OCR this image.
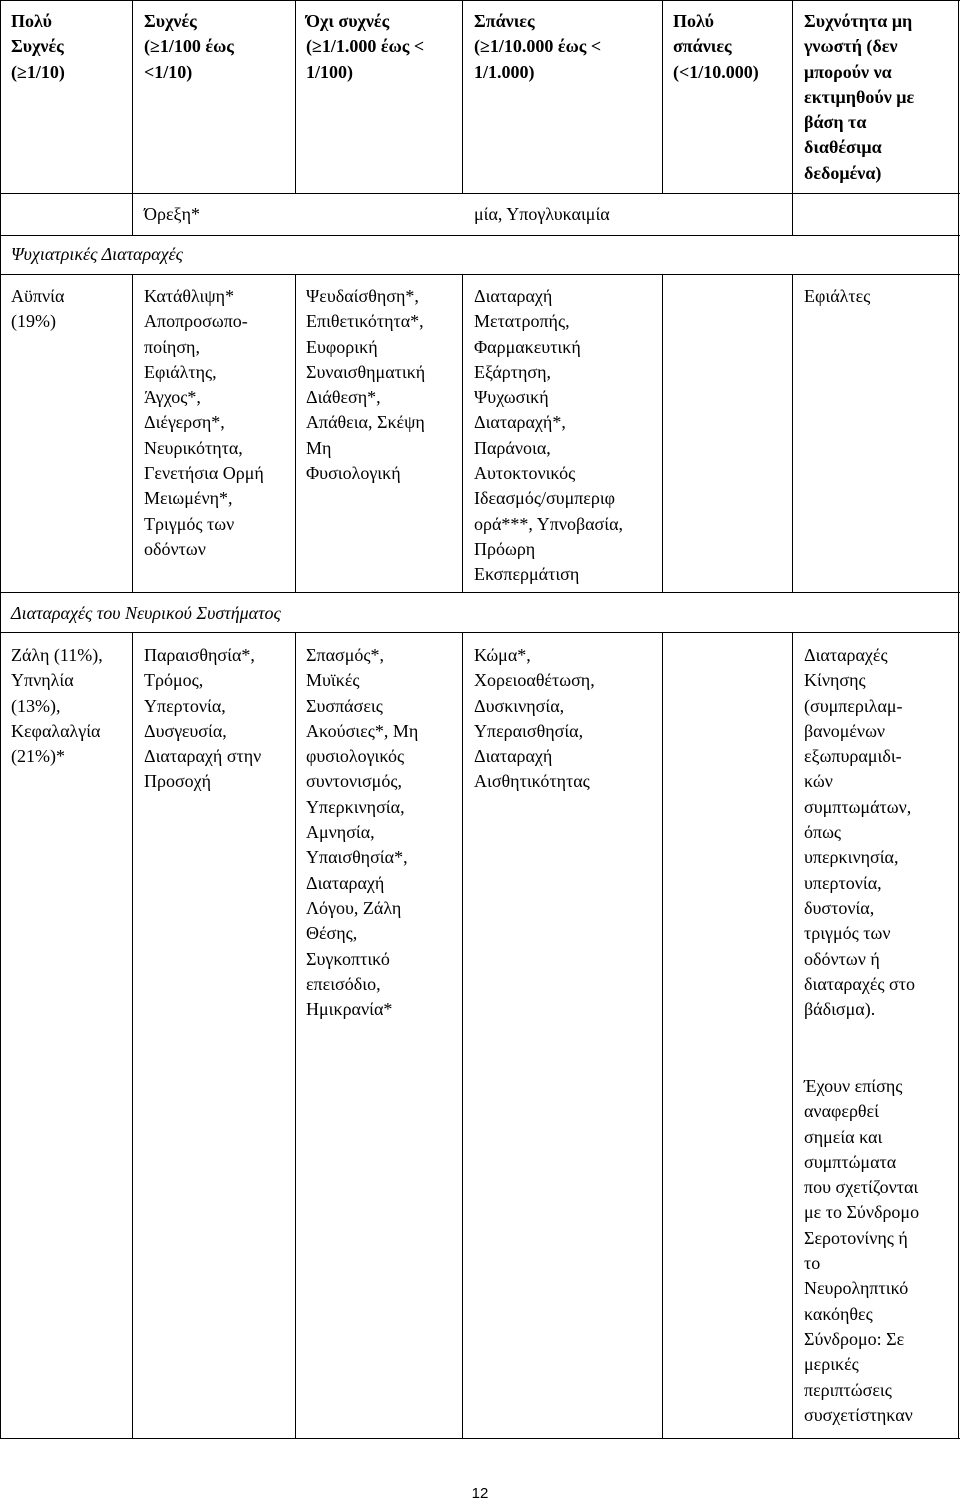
Πολύ
Συχνές
(≥1/10)
Συχνές
(≥1/100 έως
<1/10)
Όχι συχνές
(≥1/1.000 έως <
1/100)
Σπάνιες
(≥1/10.000 έως <
1/1.000)
Πολύ
σπάνιες
(<1/10.000)
Συχνότητα μη
γνωστή (δεν
μπορούν να
εκτιμηθούν με
βάση τα
διαθέσιμα
δεδομένα)
Όρεξη*	μία, Υπογλυκαιμία
Ψυχιατρικές Διαταραχές
Αϋπνία
(19%)
Κατάθλιψη*
Αποπροσωπο-
ποίηση,
Εφιάλτης,
Άγχος*,
Διέγερση*,
Νευρικότητα,
Γενετήσια Ορμή
Μειωμένη*,
Τριγμός των
οδόντων
Ψευδαίσθηση*,
Επιθετικότητα*,
Ευφορική
Συναισθηματική
Διάθεση*,
Απάθεια, Σκέψη
Μη
Φυσιολογική
Διαταραχή
Μετατροπής,
Φαρμακευτική
Εξάρτηση,
Ψυχωσική
Διαταραχή*,
Παράνοια,
Αυτοκτονικός
Ιδεασμός/συμπεριφ
ορά***, Υπνοβασία,
Πρόωρη
Εκσπερμάτιση
Εφιάλτες
Διαταραχές του Νευρικού Συστήματος
Ζάλη (11%),
Υπνηλία
(13%),
Κεφαλαλγία
(21%)*
Παραισθησία*,
Τρόμος,
Υπερτονία,
Δυσγευσία,
Διαταραχή στην
Προσοχή
Σπασμός*,
Μυϊκές
Συσπάσεις
Ακούσιες*, Μη
φυσιολογικός
συντονισμός,
Υπερκινησία,
Αμνησία,
Υπαισθησία*,
Διαταραχή
Λόγου, Ζάλη
Θέσης,
Συγκοπτικό
επεισόδιο,
Ημικρανία*
Κώμα*,
Χορειοαθέτωση,
Δυσκινησία,
Υπεραισθησία,
Διαταραχή
Αισθητικότητας
Διαταραχές
Κίνησης
(συμπεριλαμ-
βανομένων
εξωπυραμιδι-
κών
συμπτωμάτων,
όπως
υπερκινησία,
υπερτονία,
δυστονία,
τριγμός των
οδόντων ή
διαταραχές στο
βάδισμα).
Έχουν επίσης
αναφερθεί
σημεία και
συμπτώματα
που σχετίζονται
με το Σύνδρομο
Σεροτονίνης ή
το
Νευροληπτικό
κακόηθες
Σύνδρομο: Σε
μερικές
περιπτώσεις
συσχετίστηκαν
12
